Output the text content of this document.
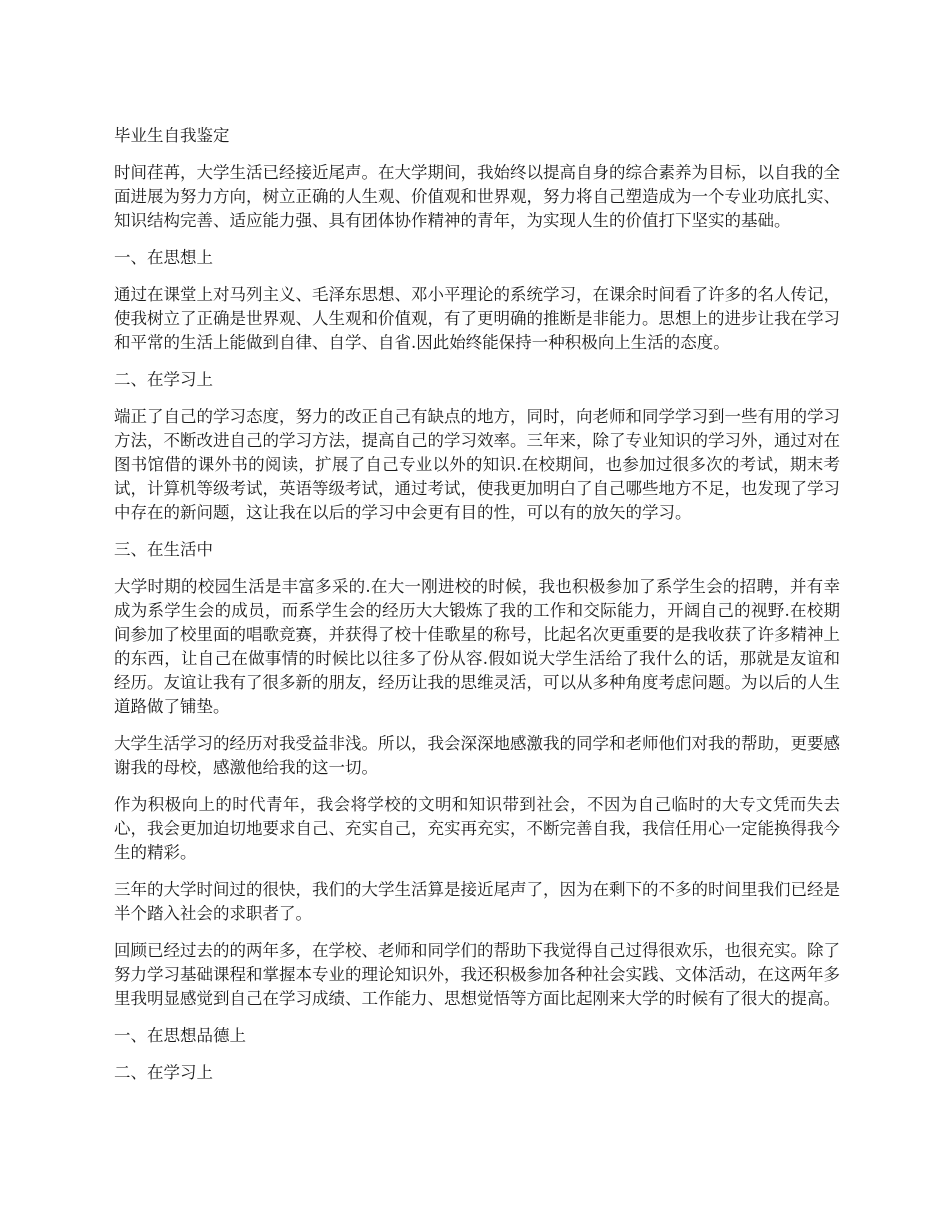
毕业生自我鉴定

时间荏苒，大学生活已经接近尾声。在大学期间，我始终以提高自身的综合素养为目标，以自我的全面进展为努力方向，树立正确的人生观、价值观和世界观，努力将自己塑造成为一个专业功底扎实、知识结构完善、适应能力强、具有团体协作精神的青年，为实现人生的价值打下坚实的基础。

一、在思想上

通过在课堂上对马列主义、毛泽东思想、邓小平理论的系统学习，在课余时间看了许多的名人传记，使我树立了正确是世界观、人生观和价值观，有了更明确的推断是非能力。思想上的进步让我在学习和平常的生活上能做到自律、自学、自省.因此始终能保持一种积极向上生活的态度。

二、在学习上

端正了自己的学习态度，努力的改正自己有缺点的地方，同时，向老师和同学学习到一些有用的学习方法，不断改进自己的学习方法，提高自己的学习效率。三年来，除了专业知识的学习外，通过对在图书馆借的课外书的阅读，扩展了自己专业以外的知识.在校期间，也参加过很多次的考试，期末考试，计算机等级考试，英语等级考试，通过考试，使我更加明白了自己哪些地方不足，也发现了学习中存在的新问题，这让我在以后的学习中会更有目的性，可以有的放矢的学习。

三、在生活中

大学时期的校园生活是丰富多采的.在大一刚进校的时候，我也积极参加了系学生会的招聘，并有幸成为系学生会的成员，而系学生会的经历大大锻炼了我的工作和交际能力，开阔自己的视野.在校期间参加了校里面的唱歌竞赛，并获得了校十佳歌星的称号，比起名次更重要的是我收获了许多精神上的东西，让自己在做事情的时候比以往多了份从容.假如说大学生活给了我什么的话，那就是友谊和经历。友谊让我有了很多新的朋友，经历让我的思维灵活，可以从多种角度考虑问题。为以后的人生道路做了铺垫。

大学生活学习的经历对我受益非浅。所以，我会深深地感激我的同学和老师他们对我的帮助，更要感谢我的母校，感激他给我的这一切。

作为积极向上的时代青年，我会将学校的文明和知识带到社会，不因为自己临时的大专文凭而失去心，我会更加迫切地要求自己、充实自己，充实再充实，不断完善自我，我信任用心一定能换得我今生的精彩。

三年的大学时间过的很快，我们的大学生活算是接近尾声了，因为在剩下的不多的时间里我们已经是半个踏入社会的求职者了。

回顾已经过去的的两年多，在学校、老师和同学们的帮助下我觉得自己过得很欢乐，也很充实。除了努力学习基础课程和掌握本专业的理论知识外，我还积极参加各种社会实践、文体活动，在这两年多里我明显感觉到自己在学习成绩、工作能力、思想觉悟等方面比起刚来大学的时候有了很大的提高。

一、在思想品德上

二、在学习上
